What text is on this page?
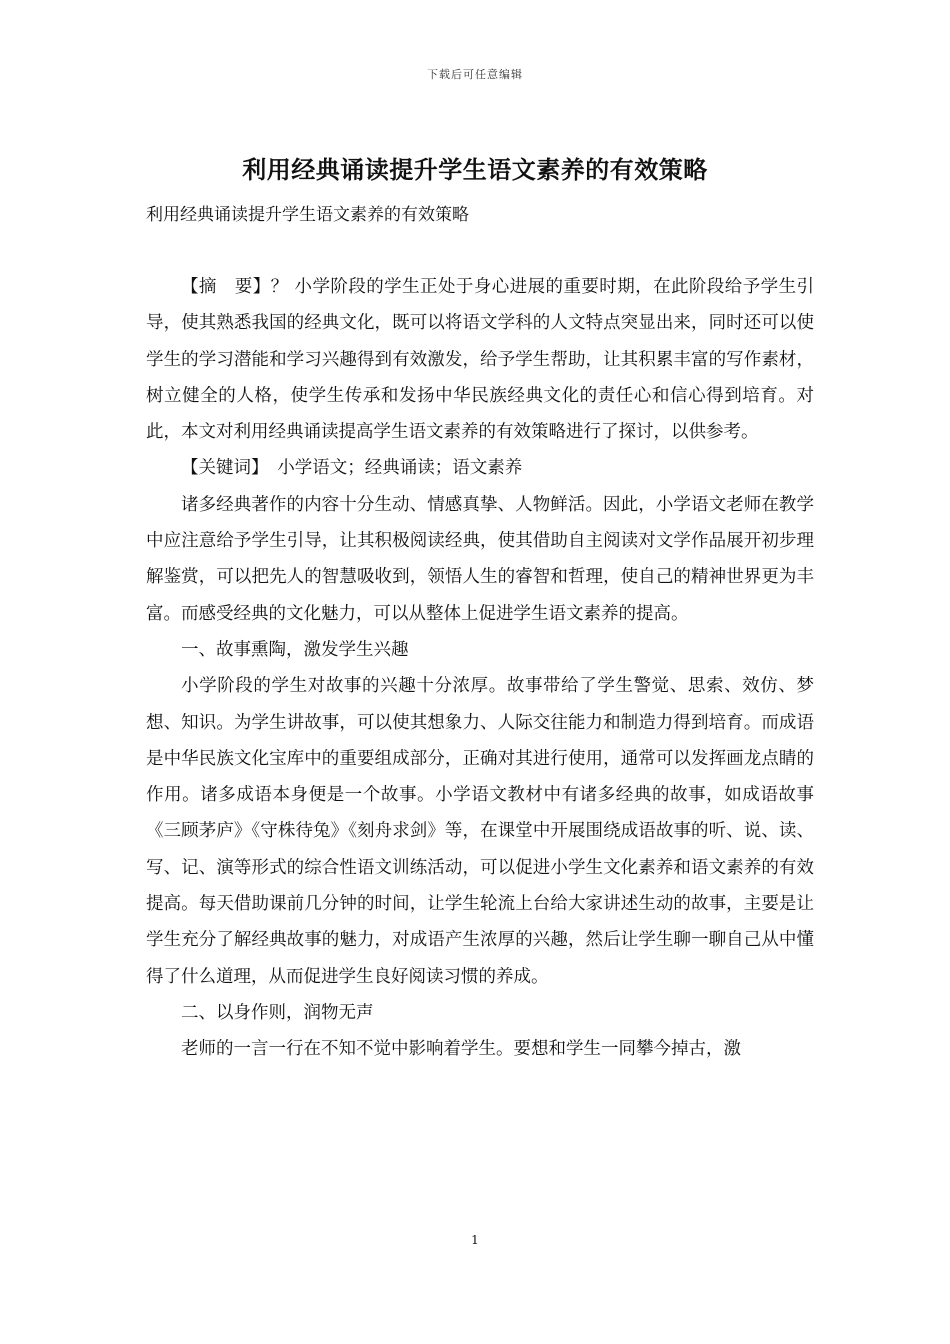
下载后可任意编辑
利用经典诵读提升学生语文素养的有效策略

利用经典诵读提升学生语文素养的有效策略

【摘　要】？ 小学阶段的学生正处于身心进展的重要时期，在此阶段给予学生引导，使其熟悉我国的经典文化，既可以将语文学科的人文特点突显出来，同时还可以使学生的学习潜能和学习兴趣得到有效激发，给予学生帮助，让其积累丰富的写作素材，树立健全的人格，使学生传承和发扬中华民族经典文化的责任心和信心得到培育。对此，本文对利用经典诵读提高学生语文素养的有效策略进行了探讨，以供参考。

【关键词】　小学语文；经典诵读；语文素养

诸多经典著作的内容十分生动、情感真挚、人物鲜活。因此，小学语文老师在教学中应注意给予学生引导，让其积极阅读经典，使其借助自主阅读对文学作品展开初步理解鉴赏，可以把先人的智慧吸收到，领悟人生的睿智和哲理，使自己的精神世界更为丰富。而感受经典的文化魅力，可以从整体上促进学生语文素养的提高。

一、故事熏陶，激发学生兴趣

小学阶段的学生对故事的兴趣十分浓厚。故事带给了学生警觉、思索、效仿、梦想、知识。为学生讲故事，可以使其想象力、人际交往能力和制造力得到培育。而成语是中华民族文化宝库中的重要组成部分，正确对其进行使用，通常可以发挥画龙点睛的作用。诸多成语本身便是一个故事。小学语文教材中有诸多经典的故事，如成语故事《三顾茅庐》《守株待兔》《刻舟求剑》等，在课堂中开展围绕成语故事的听、说、读、写、记、演等形式的综合性语文训练活动，可以促进小学生文化素养和语文素养的有效提高。每天借助课前几分钟的时间，让学生轮流上台给大家讲述生动的故事，主要是让学生充分了解经典故事的魅力，对成语产生浓厚的兴趣，然后让学生聊一聊自己从中懂得了什么道理，从而促进学生良好阅读习惯的养成。

二、以身作则，润物无声

老师的一言一行在不知不觉中影响着学生。要想和学生一同攀今掉古，激

1
